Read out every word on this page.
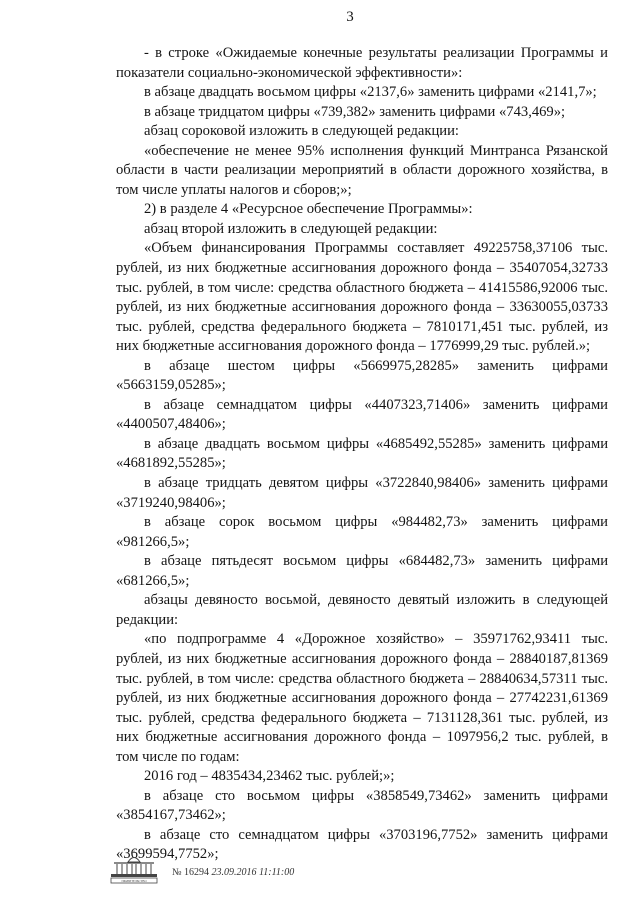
3

- в строке «Ожидаемые конечные результаты реализации Программы и показатели социально-экономической эффективности»:

в абзаце двадцать восьмом цифры «2137,6» заменить цифрами «2141,7»;

в абзаце тридцатом цифры «739,382» заменить цифрами «743,469»;

абзац сороковой изложить в следующей редакции:

«обеспечение не менее 95% исполнения функций Минтранса Рязанской области в части реализации мероприятий в области дорожного хозяйства, в том числе уплаты налогов и сборов;»;

2) в разделе 4 «Ресурсное обеспечение Программы»:

абзац второй изложить в следующей редакции:

«Объем финансирования Программы составляет 49225758,37106 тыс. рублей, из них бюджетные ассигнования дорожного фонда – 35407054,32733 тыс. рублей, в том числе: средства областного бюджета – 41415586,92006 тыс. рублей, из них бюджетные ассигнования дорожного фонда – 33630055,03733 тыс. рублей, средства федерального бюджета – 7810171,451 тыс. рублей, из них бюджетные ассигнования дорожного фонда – 1776999,29 тыс. рублей.»;

в абзаце шестом цифры «5669975,28285» заменить цифрами «5663159,05285»;

в абзаце семнадцатом цифры «4407323,71406» заменить цифрами «4400507,48406»;

в абзаце двадцать восьмом цифры «4685492,55285» заменить цифрами «4681892,55285»;

в абзаце тридцать девятом цифры «3722840,98406» заменить цифрами «3719240,98406»;

в абзаце сорок восьмом цифры «984482,73» заменить цифрами «981266,5»;

в абзаце пятьдесят восьмом цифры «684482,73» заменить цифрами «681266,5»;

абзацы девяносто восьмой, девяносто девятый изложить в следующей редакции:

«по подпрограмме 4 «Дорожное хозяйство» – 35971762,93411 тыс. рублей, из них бюджетные ассигнования дорожного фонда – 28840187,81369 тыс. рублей, в том числе: средства областного бюджета – 28840634,57311 тыс. рублей, из них бюджетные ассигнования дорожного фонда – 27742231,61369 тыс. рублей, средства федерального бюджета – 7131128,361 тыс. рублей, из них бюджетные ассигнования дорожного фонда – 1097956,2 тыс. рублей, в том числе по годам:

2016 год – 4835434,23462 тыс. рублей;»;

в абзаце сто восьмом цифры «3858549,73462» заменить цифрами «3854167,73462»;

в абзаце сто семнадцатом цифры «3703196,7752» заменить цифрами «3699594,7752»;

ПРАВИТЕЛЬСТВО
№ 16294 23.09.2016 11:11:00
